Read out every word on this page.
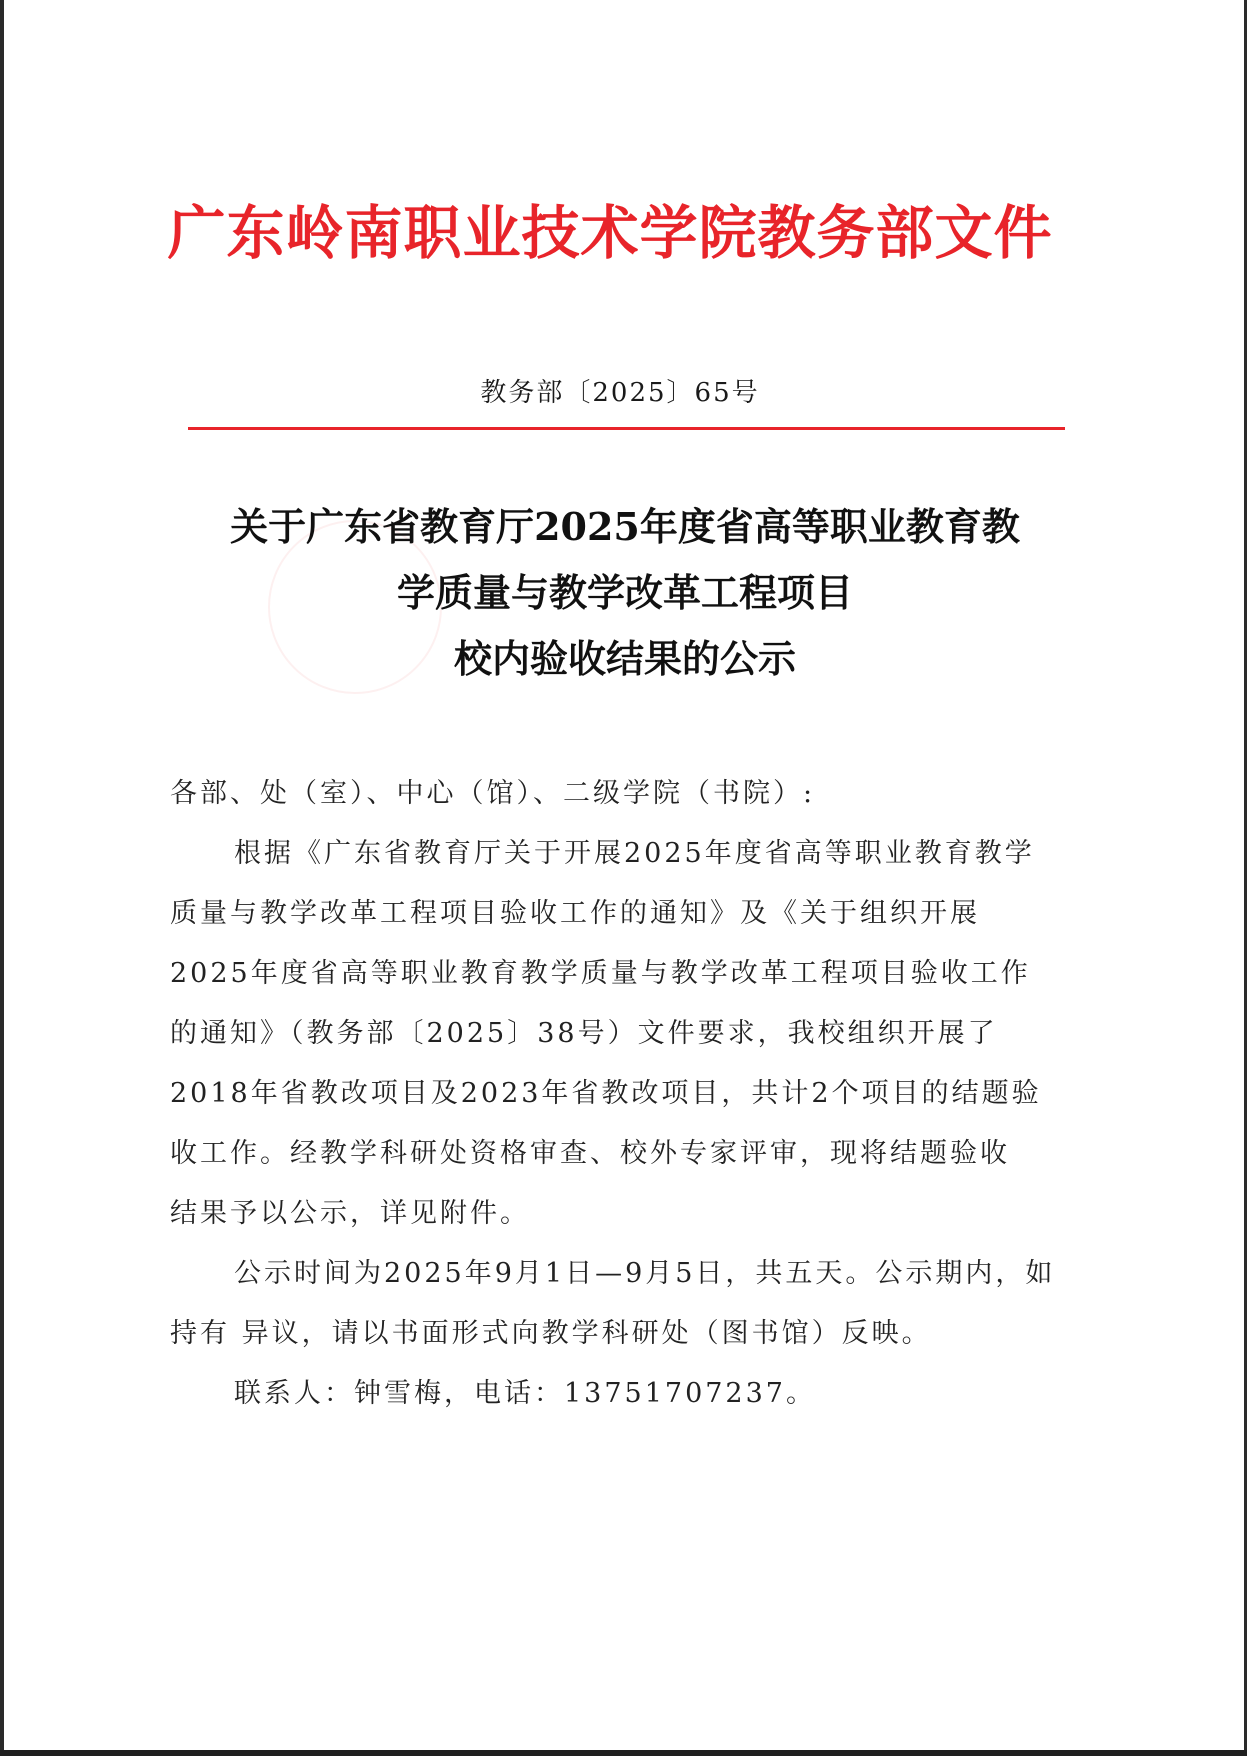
广东岭南职业技术学院教务部文件
教务部〔2025〕65号
关于广东省教育厅2025年度省高等职业教育教
学质量与教学改革工程项目
校内验收结果的公示
各部、处（室）、中心（馆）、二级学院（书院）:
根据《广东省教育厅关于开展2025年度省高等职业教育教学
质量与教学改革工程项目验收工作的通知》及《关于组织开展
2025年度省高等职业教育教学质量与教学改革工程项目验收工作
的通知》（教务部〔2025〕38号）文件要求，我校组织开展了
2018年省教改项目及2023年省教改项目，共计2个项目的结题验
收工作。经教学科研处资格审查、校外专家评审，现将结题验收
结果予以公示，详见附件。
公示时间为2025年9月1日—9月5日，共五天。公示期内，如
持有 异议，请以书面形式向教学科研处（图书馆）反映。
联系人：钟雪梅，电话：13751707237。
